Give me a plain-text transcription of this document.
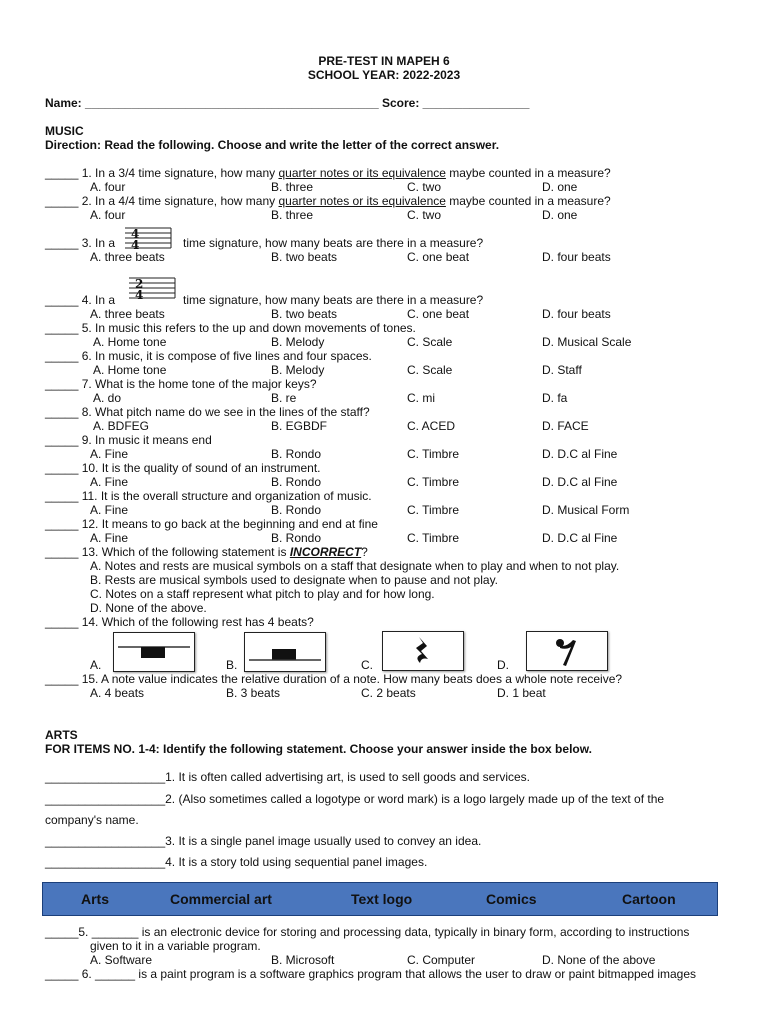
PRE-TEST IN MAPEH 6
SCHOOL YEAR: 2022-2023
Name: ____________________________________________ Score: ________________
MUSIC
Direction: Read the following. Choose and write the letter of the correct answer.
_____ 1. In a 3/4 time signature, how many quarter notes or its equivalence maybe counted in a measure?
A. four	B. three	C. two	D. one
_____ 2. In a 4/4 time signature, how many quarter notes or its equivalence maybe counted in a measure?
A. four	B. three	C. two	D. one
_____ 3. In a
4
4	time signature, how many beats are there in a measure?
A. three beats	B. two beats	C. one beat	D. four beats
_____ 4. In a
2
4	time signature, how many beats are there in a measure?
A. three beats	B. two beats	C. one beat	D. four beats
_____ 5. In music this refers to the up and down movements of tones.
A. Home tone	B. Melody	C. Scale	D. Musical Scale
_____ 6. In music, it is compose of five lines and four spaces.
A. Home tone	B. Melody	C. Scale	D. Staff
_____ 7. What is the home tone of the major keys?
A. do	B. re	C. mi	D. fa
_____ 8. What pitch name do we see in the lines of the staff?
A. BDFEG	B. EGBDF	C. ACED	D. FACE
_____ 9. In music it means end
A. Fine	B. Rondo	C. Timbre	D. D.C al Fine
_____ 10. It is the quality of sound of an instrument.
A. Fine	B. Rondo	C. Timbre	D. D.C al Fine
_____ 11. It is the overall structure and organization of music.
A. Fine	B. Rondo	C. Timbre	D. Musical Form
_____ 12. It means to go back at the beginning and end at fine
A. Fine	B. Rondo	C. Timbre	D. D.C al Fine
_____ 13. Which of the following statement is INCORRECT?
A. Notes and rests are musical symbols on a staff that designate when to play and when to not play.
B. Rests are musical symbols used to designate when to pause and not play.
C. Notes on a staff represent what pitch to play and for how long.
D. None of the above.
_____ 14. Which of the following rest has 4 beats?
A.	B.	C.	D.
_____ 15. A note value indicates the relative duration of a note. How many beats does a whole note receive?
A. 4 beats	B. 3 beats	C. 2 beats	D. 1 beat
ARTS
FOR ITEMS NO. 1-4: Identify the following statement. Choose your answer inside the box below.
__________________1. It is often called advertising art, is used to sell goods and services.
__________________2. (Also sometimes called a logotype or word mark) is a logo largely made up of the text of the
company's name.
__________________3. It is a single panel image usually used to convey an idea.
__________________4. It is a story told using sequential panel images.
Arts	Commercial art	Text logo	Comics	Cartoon
_____5. _______ is an electronic device for storing and processing data, typically in binary form, according to instructions
given to it in a variable program.
A. Software	B. Microsoft	C. Computer	D. None of the above
_____ 6. ______ is a paint program is a software graphics program that allows the user to draw or paint bitmapped images
